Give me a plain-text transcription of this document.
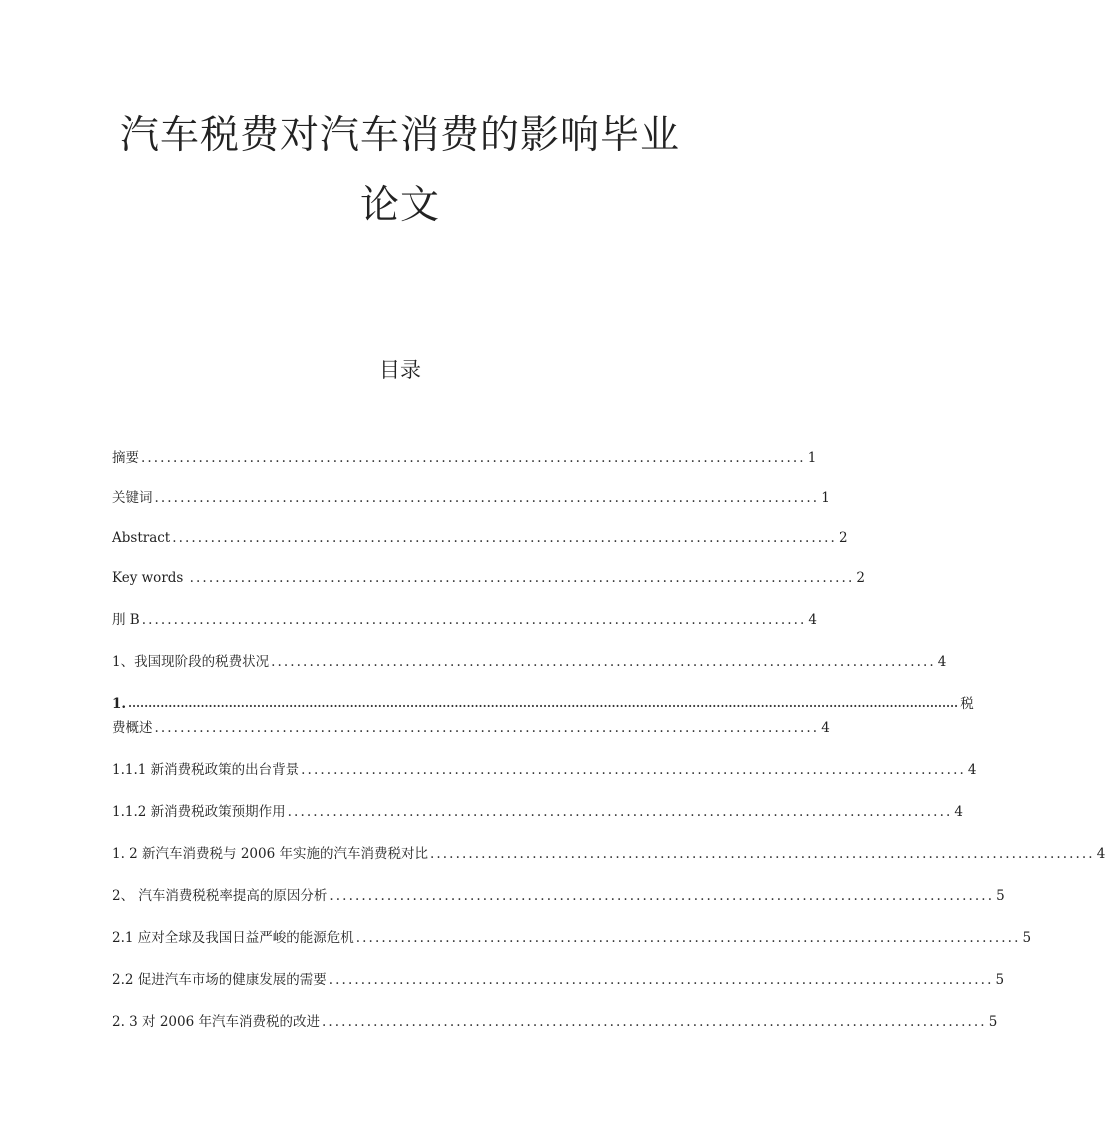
汽车税费对汽车消费的影响毕业
论文
目录
摘要 ........................................................................................................ 1
关键词 ........................................................................................................ 1
Abstract ........................................................................................................ 2
Key words ........................................................................................................ 2
刖 B ........................................................................................................ 4
1、我国现阶段的税费状况 ........................................................................................................ 4
1. .............................................................................................................................................................................................................. 税
费概述 ........................................................................................................ 4
1.1.1 新消费税政策的出台背景 ........................................................................................................ 4
1.1.2 新消费税政策预期作用 ........................................................................................................ 4
1. 2 新汽车消费税与 2006 年实施的汽车消费税对比 ........................................................................................................ 4
2、 汽车消费税税率提高的原因分析 ........................................................................................................ 5
2.1 应对全球及我国日益严峻的能源危机 ........................................................................................................ 5
2.2 促进汽车市场的健康发展的需要 ........................................................................................................ 5
2. 3 对 2006 年汽车消费税的改进 ........................................................................................................ 5
